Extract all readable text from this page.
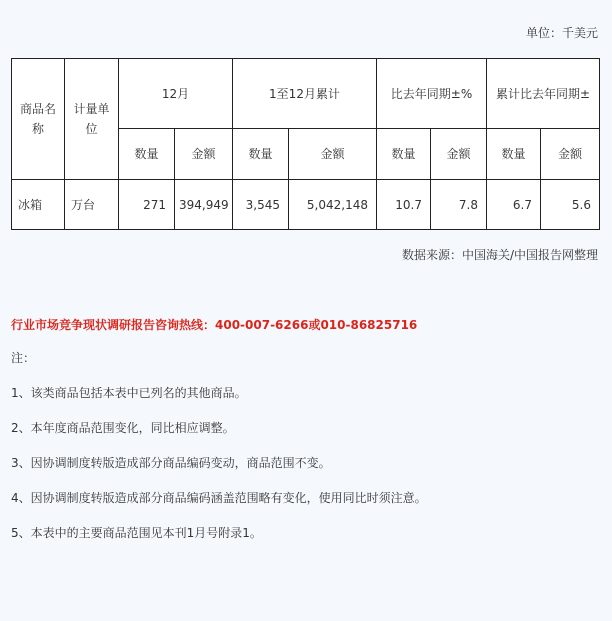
单位：千美元
商品名称	计量单位	12月		1至12月累计		比去年同期±%		累计比去年同期±	
		数量	金额	数量	金额	数量	金额	数量	金额
冰箱	万台	271	394,949	3,545	5,042,148	10.7	7.8	6.7	5.6
数据来源：中国海关/中国报告网整理
行业市场竞争现状调研报告咨询热线：400-007-6266或010-86825716
注：
1、该类商品包括本表中已列名的其他商品。
2、本年度商品范围变化，同比相应调整。
3、因协调制度转版造成部分商品编码变动，商品范围不变。
4、因协调制度转版造成部分商品编码涵盖范围略有变化，使用同比时须注意。
5、本表中的主要商品范围见本刊1月号附录1。
